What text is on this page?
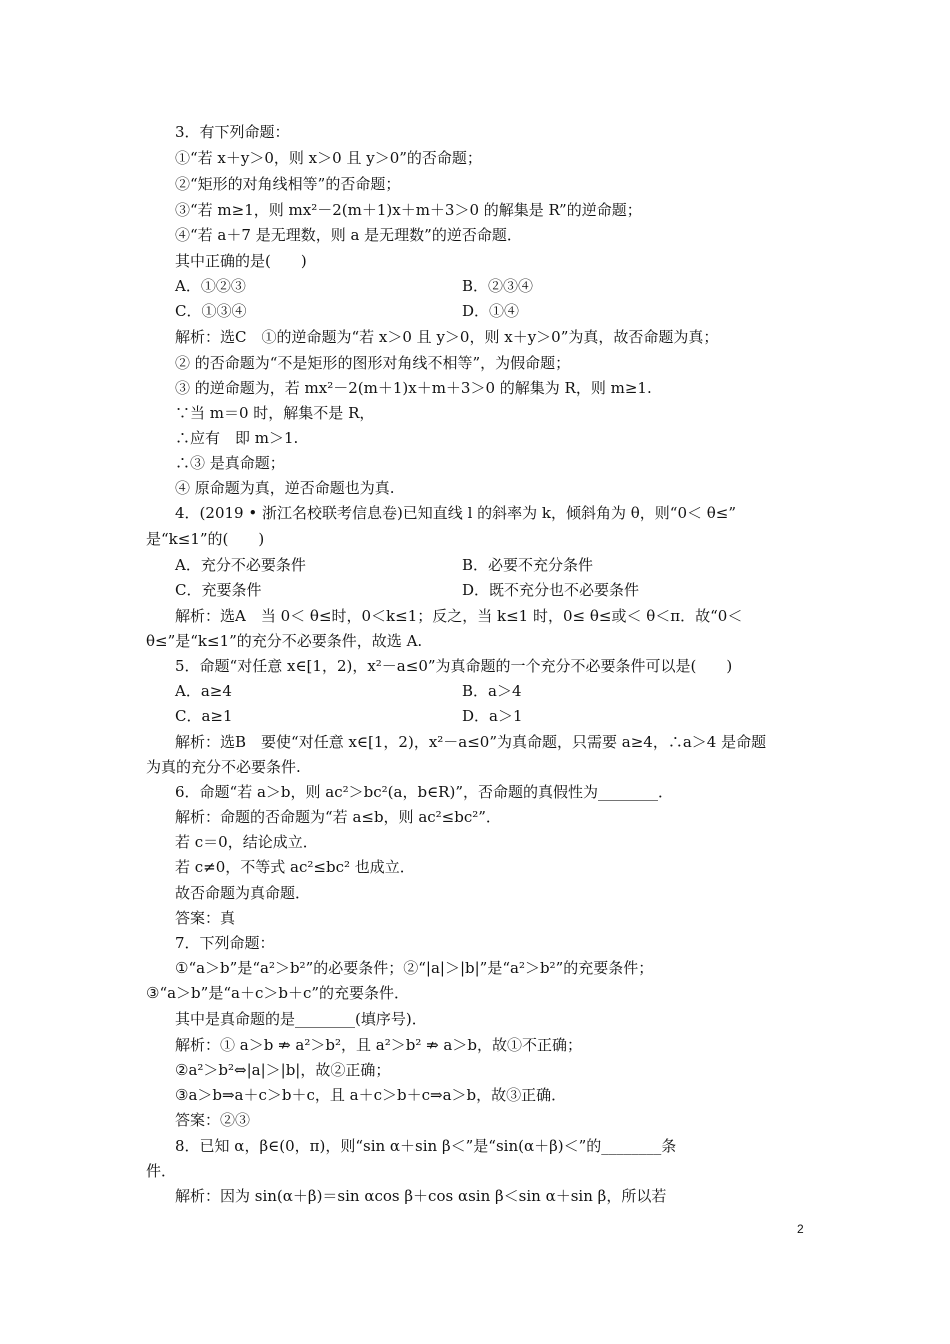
3．有下列命题：
①“若 x＋y＞0，则 x＞0 且 y＞0”的否命题；
②“矩形的对角线相等”的否命题；
③“若 m≥1，则 mx²－2(m＋1)x＋m＋3＞0 的解集是 R”的逆命题；
④“若 a＋7 是无理数，则 a 是无理数”的逆否命题．
其中正确的是(　　)
A．①②③	B．②③④
C．①③④	D．①④
解析：选C　①的逆命题为“若 x＞0 且 y＞0，则 x＋y＞0”为真，故否命题为真；
② 的否命题为“不是矩形的图形对角线不相等”，为假命题；
③ 的逆命题为，若 mx²－2(m＋1)x＋m＋3＞0 的解集为 R，则 m≥1.
∵当 m＝0 时，解集不是 R，
∴应有　即 m＞1.
∴③ 是真命题；
④ 原命题为真，逆否命题也为真.
4．(2019 • 浙江名校联考信息卷)已知直线 l 的斜率为 k，倾斜角为 θ，则“0＜ θ≤”
是“k≤1”的(　　)
A．充分不必要条件	B．必要不充分条件
C．充要条件	D．既不充分也不必要条件
解析：选A　当 0＜ θ≤时，0＜k≤1；反之，当 k≤1 时，0≤ θ≤或＜ θ＜π．故“0＜
θ≤”是“k≤1”的充分不必要条件，故选 A.
5．命题“对任意 x∈[1，2)，x²－a≤0”为真命题的一个充分不必要条件可以是(　　)
A．a≥4	B．a＞4
C．a≥1	D．a＞1
解析：选B　要使“对任意 x∈[1，2)，x²－a≤0”为真命题，只需要 a≥4，∴a＞4 是命题
为真的充分不必要条件.
6．命题“若 a＞b，则 ac²＞bc²(a，b∈R)”，否命题的真假性为________．
解析：命题的否命题为“若 a≤b，则 ac²≤bc²”．
若 c＝0，结论成立．
若 c≠0，不等式 ac²≤bc² 也成立．
故否命题为真命题．
答案：真
7．下列命题：
①“a＞b”是“a²＞b²”的必要条件；②“|a|＞|b|”是“a²＞b²”的充要条件；
③“a＞b”是“a＋c＞b＋c”的充要条件．
其中是真命题的是________(填序号)．
解析：① a＞b ⇏ a²＞b²，且 a²＞b² ⇏ a＞b，故①不正确；
②a²＞b²⇔|a|＞|b|，故②正确；
③a＞b⇒a＋c＞b＋c，且 a＋c＞b＋c⇒a＞b，故③正确．
答案：②③
8．已知 α，β∈(0，π)，则“sin α＋sin β＜”是“sin(α＋β)＜”的________条
件．
解析：因为 sin(α＋β)＝sin αcos β＋cos αsin β＜sin α＋sin β，所以若
2
